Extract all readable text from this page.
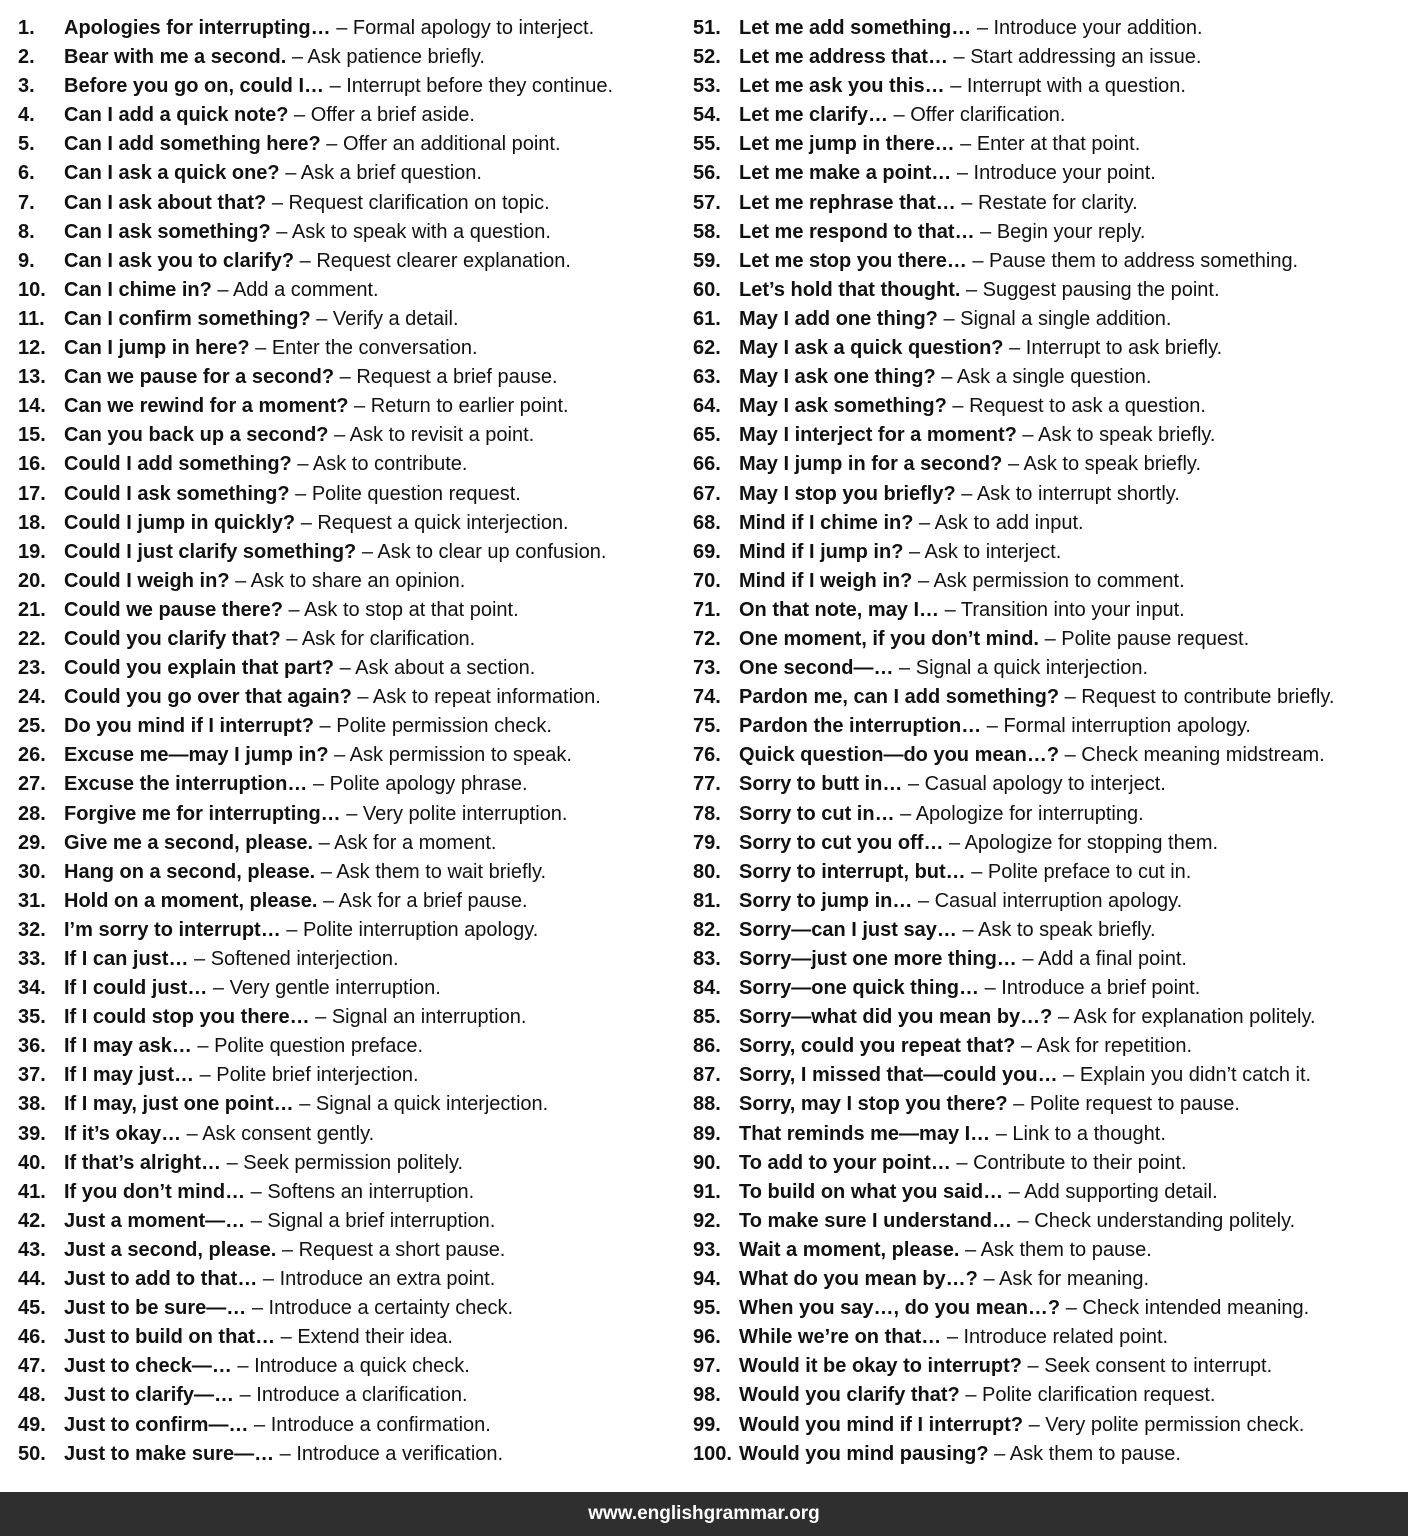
1. Apologies for interrupting… – Formal apology to interject.
2. Bear with me a second. – Ask patience briefly.
3. Before you go on, could I… – Interrupt before they continue.
4. Can I add a quick note? – Offer a brief aside.
5. Can I add something here? – Offer an additional point.
6. Can I ask a quick one? – Ask a brief question.
7. Can I ask about that? – Request clarification on topic.
8. Can I ask something? – Ask to speak with a question.
9. Can I ask you to clarify? – Request clearer explanation.
10. Can I chime in? – Add a comment.
11. Can I confirm something? – Verify a detail.
12. Can I jump in here? – Enter the conversation.
13. Can we pause for a second? – Request a brief pause.
14. Can we rewind for a moment? – Return to earlier point.
15. Can you back up a second? – Ask to revisit a point.
16. Could I add something? – Ask to contribute.
17. Could I ask something? – Polite question request.
18. Could I jump in quickly? – Request a quick interjection.
19. Could I just clarify something? – Ask to clear up confusion.
20. Could I weigh in? – Ask to share an opinion.
21. Could we pause there? – Ask to stop at that point.
22. Could you clarify that? – Ask for clarification.
23. Could you explain that part? – Ask about a section.
24. Could you go over that again? – Ask to repeat information.
25. Do you mind if I interrupt? – Polite permission check.
26. Excuse me—may I jump in? – Ask permission to speak.
27. Excuse the interruption… – Polite apology phrase.
28. Forgive me for interrupting… – Very polite interruption.
29. Give me a second, please. – Ask for a moment.
30. Hang on a second, please. – Ask them to wait briefly.
31. Hold on a moment, please. – Ask for a brief pause.
32. I’m sorry to interrupt… – Polite interruption apology.
33. If I can just… – Softened interjection.
34. If I could just… – Very gentle interruption.
35. If I could stop you there… – Signal an interruption.
36. If I may ask… – Polite question preface.
37. If I may just… – Polite brief interjection.
38. If I may, just one point… – Signal a quick interjection.
39. If it’s okay… – Ask consent gently.
40. If that’s alright… – Seek permission politely.
41. If you don’t mind… – Softens an interruption.
42. Just a moment—… – Signal a brief interruption.
43. Just a second, please. – Request a short pause.
44. Just to add to that… – Introduce an extra point.
45. Just to be sure—… – Introduce a certainty check.
46. Just to build on that… – Extend their idea.
47. Just to check—… – Introduce a quick check.
48. Just to clarify—… – Introduce a clarification.
49. Just to confirm—… – Introduce a confirmation.
50. Just to make sure—… – Introduce a verification.
51. Let me add something… – Introduce your addition.
52. Let me address that… – Start addressing an issue.
53. Let me ask you this… – Interrupt with a question.
54. Let me clarify… – Offer clarification.
55. Let me jump in there… – Enter at that point.
56. Let me make a point… – Introduce your point.
57. Let me rephrase that… – Restate for clarity.
58. Let me respond to that… – Begin your reply.
59. Let me stop you there… – Pause them to address something.
60. Let’s hold that thought. – Suggest pausing the point.
61. May I add one thing? – Signal a single addition.
62. May I ask a quick question? – Interrupt to ask briefly.
63. May I ask one thing? – Ask a single question.
64. May I ask something? – Request to ask a question.
65. May I interject for a moment? – Ask to speak briefly.
66. May I jump in for a second? – Ask to speak briefly.
67. May I stop you briefly? – Ask to interrupt shortly.
68. Mind if I chime in? – Ask to add input.
69. Mind if I jump in? – Ask to interject.
70. Mind if I weigh in? – Ask permission to comment.
71. On that note, may I… – Transition into your input.
72. One moment, if you don’t mind. – Polite pause request.
73. One second—… – Signal a quick interjection.
74. Pardon me, can I add something? – Request to contribute briefly.
75. Pardon the interruption… – Formal interruption apology.
76. Quick question—do you mean…? – Check meaning midstream.
77. Sorry to butt in… – Casual apology to interject.
78. Sorry to cut in… – Apologize for interrupting.
79. Sorry to cut you off… – Apologize for stopping them.
80. Sorry to interrupt, but… – Polite preface to cut in.
81. Sorry to jump in… – Casual interruption apology.
82. Sorry—can I just say… – Ask to speak briefly.
83. Sorry—just one more thing… – Add a final point.
84. Sorry—one quick thing… – Introduce a brief point.
85. Sorry—what did you mean by…? – Ask for explanation politely.
86. Sorry, could you repeat that? – Ask for repetition.
87. Sorry, I missed that—could you… – Explain you didn’t catch it.
88. Sorry, may I stop you there? – Polite request to pause.
89. That reminds me—may I… – Link to a thought.
90. To add to your point… – Contribute to their point.
91. To build on what you said… – Add supporting detail.
92. To make sure I understand… – Check understanding politely.
93. Wait a moment, please. – Ask them to pause.
94. What do you mean by…? – Ask for meaning.
95. When you say…, do you mean…? – Check intended meaning.
96. While we’re on that… – Introduce related point.
97. Would it be okay to interrupt? – Seek consent to interrupt.
98. Would you clarify that? – Polite clarification request.
99. Would you mind if I interrupt? – Very polite permission check.
100. Would you mind pausing? – Ask them to pause.
www.englishgrammar.org
